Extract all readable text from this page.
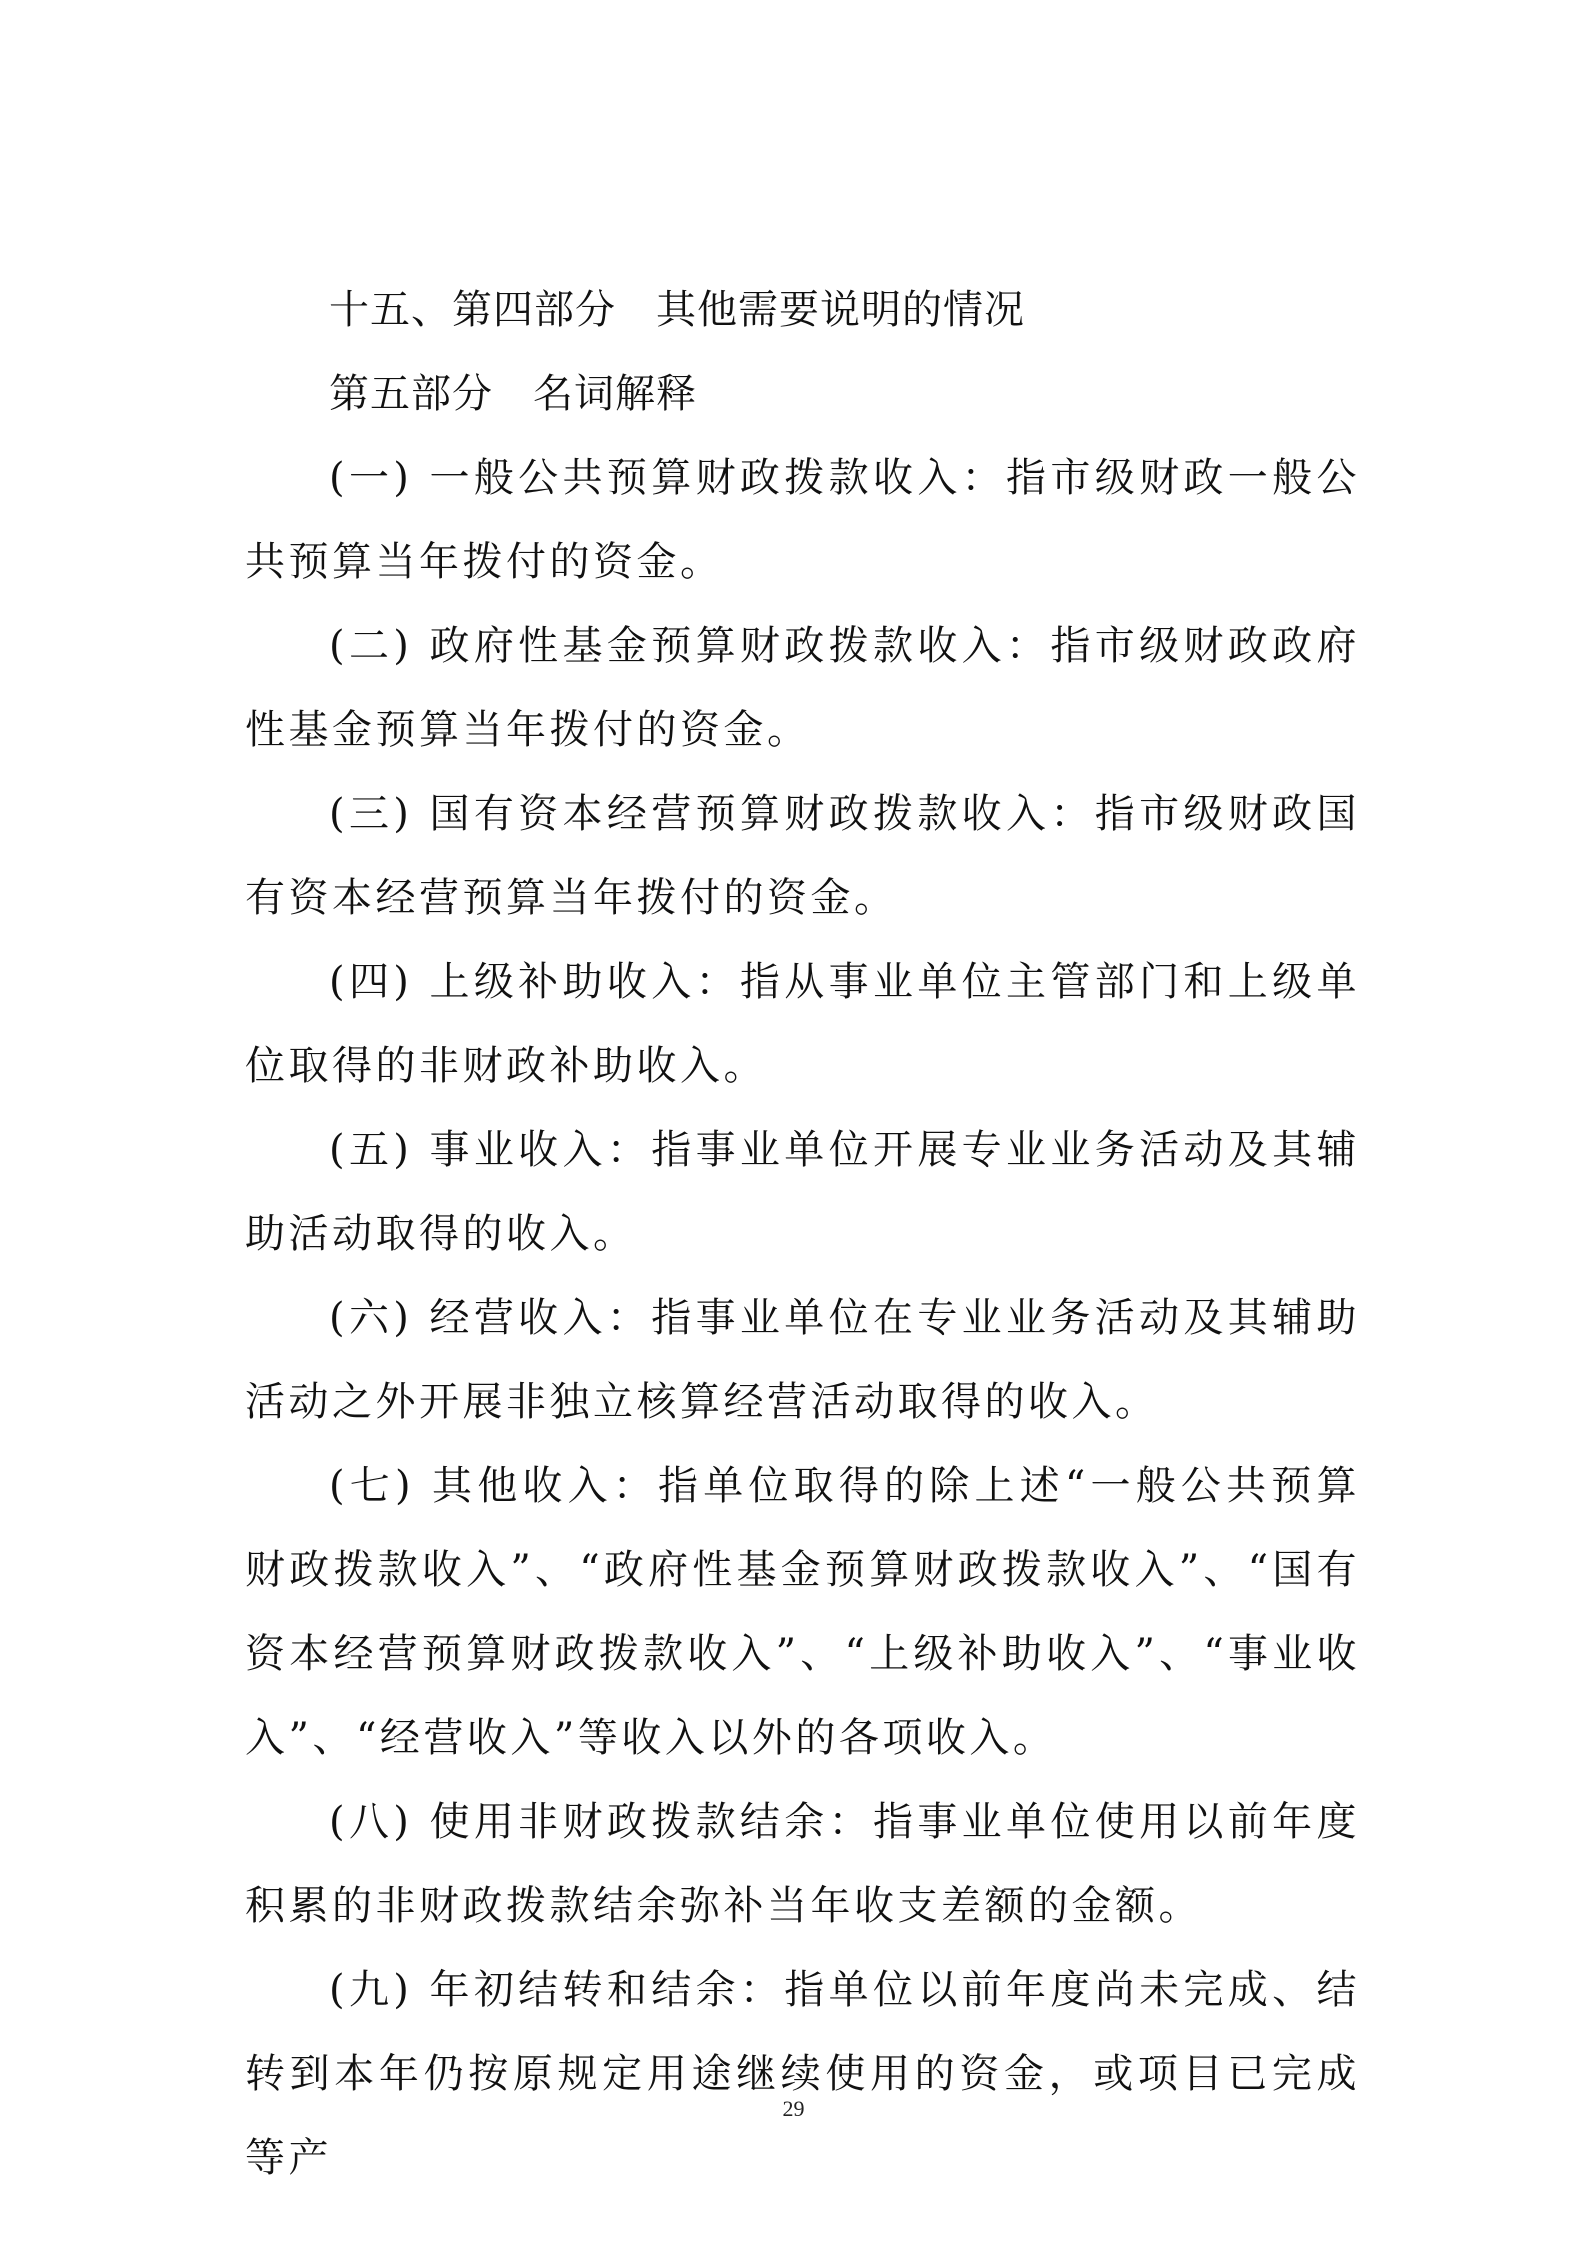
十五、第四部分 其他需要说明的情况

第五部分 名词解释

(一) 一般公共预算财政拨款收入：指市级财政一般公共预算当年拨付的资金。

(二) 政府性基金预算财政拨款收入：指市级财政政府性基金预算当年拨付的资金。

(三) 国有资本经营预算财政拨款收入：指市级财政国有资本经营预算当年拨付的资金。

(四) 上级补助收入：指从事业单位主管部门和上级单位取得的非财政补助收入。

(五) 事业收入：指事业单位开展专业业务活动及其辅助活动取得的收入。

(六) 经营收入：指事业单位在专业业务活动及其辅助活动之外开展非独立核算经营活动取得的收入。

(七) 其他收入：指单位取得的除上述“一般公共预算财政拨款收入”、“政府性基金预算财政拨款收入”、“国有资本经营预算财政拨款收入”、“上级补助收入”、“事业收入”、“经营收入”等收入以外的各项收入。

(八) 使用非财政拨款结余：指事业单位使用以前年度积累的非财政拨款结余弥补当年收支差额的金额。

(九) 年初结转和结余：指单位以前年度尚未完成、结转到本年仍按原规定用途继续使用的资金，或项目已完成等产

29
